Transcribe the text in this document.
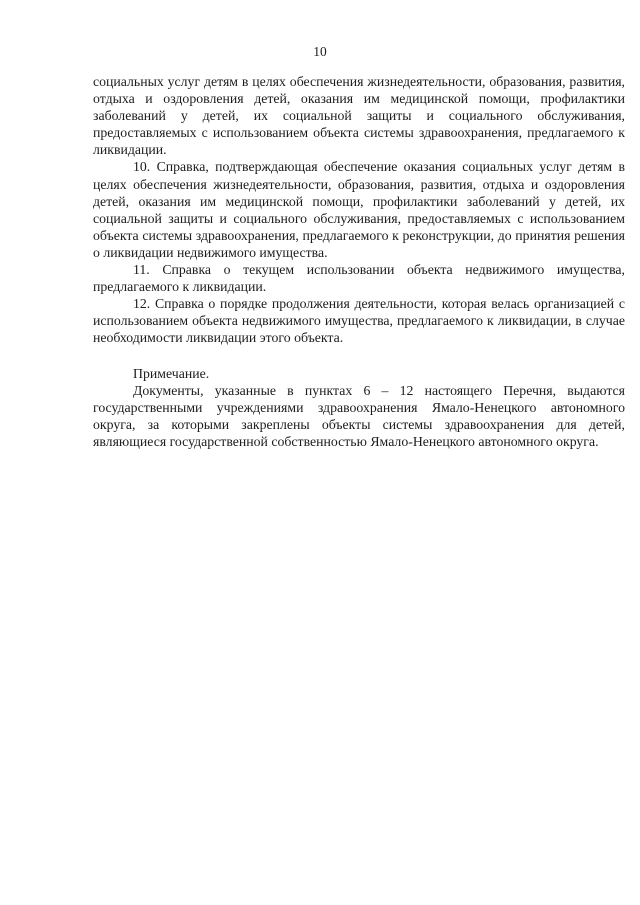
10

социальных услуг детям в целях обеспечения жизнедеятельности, образования, развития, отдыха и оздоровления детей, оказания им медицинской помощи, профилактики заболеваний у детей, их социальной защиты и социального обслуживания, предоставляемых с использованием объекта системы здравоохранения, предлагаемого к ликвидации.

10. Справка, подтверждающая обеспечение оказания социальных услуг детям в целях обеспечения жизнедеятельности, образования, развития, отдыха и оздоровления детей, оказания им медицинской помощи, профилактики заболеваний у детей, их социальной защиты и социального обслуживания, предоставляемых с использованием объекта системы здравоохранения, предлагаемого к реконструкции, до принятия решения о ликвидации недвижимого имущества.

11. Справка о текущем использовании объекта недвижимого имущества, предлагаемого к ликвидации.

12. Справка о порядке продолжения деятельности, которая велась организацией с использованием объекта недвижимого имущества, предлагаемого к ликвидации, в случае необходимости ликвидации этого объекта.

Примечание.

Документы, указанные в пунктах 6 – 12 настоящего Перечня, выдаются государственными учреждениями здравоохранения Ямало-Ненецкого автономного округа, за которыми закреплены объекты системы здравоохранения для детей, являющиеся государственной собственностью Ямало-Ненецкого автономного округа.
